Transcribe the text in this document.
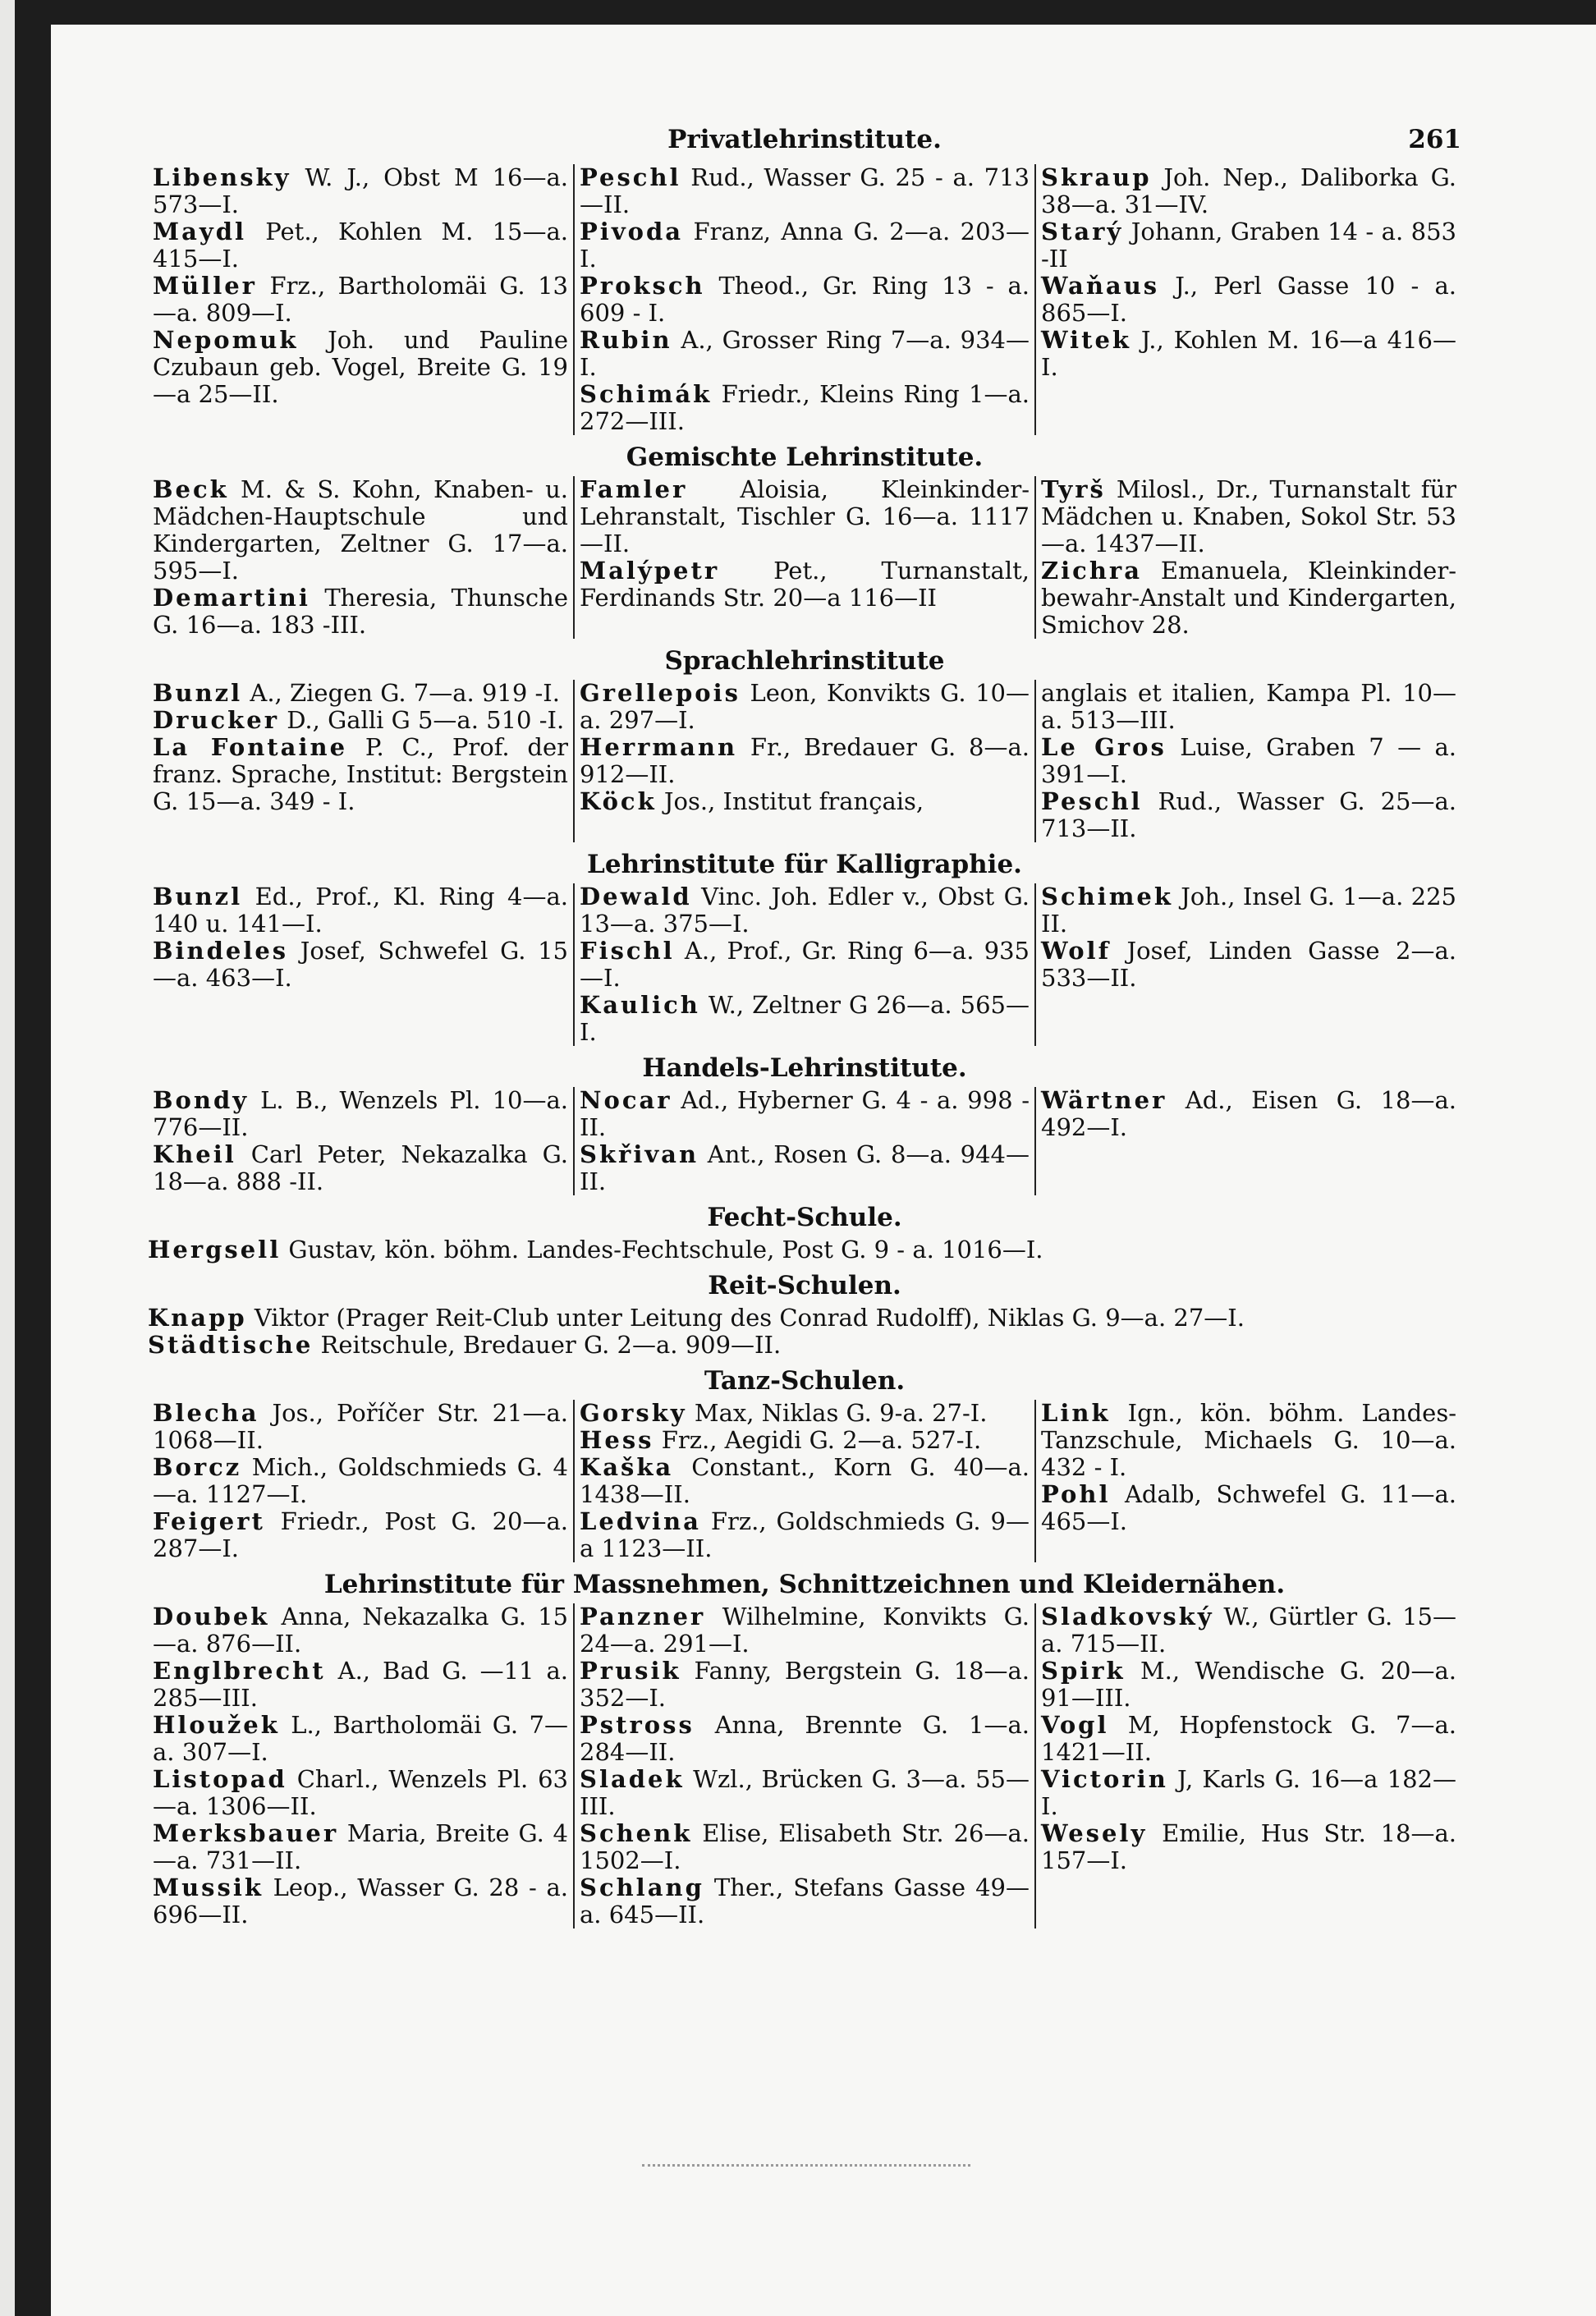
Privatlehrinstitute.	261
Libensky W. J., Obst M 16—a. 573—I.
Maydl Pet., Kohlen M. 15—a. 415—I.
Müller Frz., Bartholomäi G. 13—a. 809—I.
Nepomuk Joh. und Pauline Czubaun geb. Vogel, Breite G. 19—a 25—II.
Peschl Rud., Wasser G. 25 - a. 713—II.
Pivoda Franz, Anna G. 2—a. 203—I.
Proksch Theod., Gr. Ring 13 - a. 609 - I.
Rubin A., Grosser Ring 7—a. 934—I.
Schimák Friedr., Kleins Ring 1—a. 272—III.
Skraup Joh. Nep., Daliborka G. 38—a. 31—IV.
Starý Johann, Graben 14 - a. 853 -II
Waňaus J., Perl Gasse 10 - a. 865—I.
Witek J., Kohlen M. 16—a 416—I.
Gemischte Lehrinstitute.
Beck M. & S. Kohn, Knaben- u. Mädchen-Hauptschule und Kindergarten, Zeltner G. 17—a. 595—I.
Demartini Theresia, Thunsche G. 16—a. 183 -III.
Famler Aloisia, Kleinkinder-Lehranstalt, Tischler G. 16—a. 1117—II.
Malýpetr Pet., Turnanstalt, Ferdinands Str. 20—a 116—II
Tyrš Milosl., Dr., Turnanstalt für Mädchen u. Knaben, Sokol Str. 53—a. 1437—II.
Zichra Emanuela, Kleinkinder-bewahr-Anstalt und Kindergarten, Smichov 28.
Sprachlehrinstitute
Bunzl A., Ziegen G. 7—a. 919 -I.
Drucker D., Galli G 5—a. 510 -I.
La Fontaine P. C., Prof. der franz. Sprache, Institut: Bergstein G. 15—a. 349 - I.
Grellepois Leon, Konvikts G. 10—a. 297—I.
Herrmann Fr., Bredauer G. 8—a. 912—II.
Köck Jos., Institut français,
anglais et italien, Kampa Pl. 10—a. 513—III.
Le Gros Luise, Graben 7 — a. 391—I.
Peschl Rud., Wasser G. 25—a. 713—II.
Lehrinstitute für Kalligraphie.
Bunzl Ed., Prof., Kl. Ring 4—a. 140 u. 141—I.
Bindeles Josef, Schwefel G. 15—a. 463—I.
Dewald Vinc. Joh. Edler v., Obst G. 13—a. 375—I.
Fischl A., Prof., Gr. Ring 6—a. 935—I.
Kaulich W., Zeltner G 26—a. 565—I.
Schimek Joh., Insel G. 1—a. 225 II.
Wolf Josef, Linden Gasse 2—a. 533—II.
Handels-Lehrinstitute.
Bondy L. B., Wenzels Pl. 10—a. 776—II.
Kheil Carl Peter, Nekazalka G. 18—a. 888 -II.
Nocar Ad., Hyberner G. 4 - a. 998 -II.
Skřivan Ant., Rosen G. 8—a. 944—II.
Wärtner Ad., Eisen G. 18—a. 492—I.
Fecht-Schule.
Hergsell Gustav, kön. böhm. Landes-Fechtschule, Post G. 9 - a. 1016—I.
Reit-Schulen.
Knapp Viktor (Prager Reit-Club unter Leitung des Conrad Rudolff), Niklas G. 9—a. 27—I.
Städtische Reitschule, Bredauer G. 2—a. 909—II.
Tanz-Schulen.
Blecha Jos., Poříčer Str. 21—a. 1068—II.
Borcz Mich., Goldschmieds G. 4—a. 1127—I.
Feigert Friedr., Post G. 20—a. 287—I.
Gorsky Max, Niklas G. 9-a. 27-I.
Hess Frz., Aegidi G. 2—a. 527-I.
Kaška Constant., Korn G. 40—a. 1438—II.
Ledvina Frz., Goldschmieds G. 9—a 1123—II.
Link Ign., kön. böhm. Landes-Tanzschule, Michaels G. 10—a. 432 - I.
Pohl Adalb, Schwefel G. 11—a. 465—I.
Lehrinstitute für Massnehmen, Schnittzeichnen und Kleidernähen.
Doubek Anna, Nekazalka G. 15—a. 876—II.
Englbrecht A., Bad G. —11 a. 285—III.
Hloužek L., Bartholomäi G. 7—a. 307—I.
Listopad Charl., Wenzels Pl. 63—a. 1306—II.
Merksbauer Maria, Breite G. 4—a. 731—II.
Mussik Leop., Wasser G. 28 - a. 696—II.
Panzner Wilhelmine, Konvikts G. 24—a. 291—I.
Prusik Fanny, Bergstein G. 18—a. 352—I.
Pstross Anna, Brennte G. 1—a. 284—II.
Sladek Wzl., Brücken G. 3—a. 55—III.
Schenk Elise, Elisabeth Str. 26—a. 1502—I.
Schlang Ther., Stefans Gasse 49—a. 645—II.
Sladkovský W., Gürtler G. 15—a. 715—II.
Spirk M., Wendische G. 20—a. 91—III.
Vogl M, Hopfenstock G. 7—a. 1421—II.
Victorin J, Karls G. 16—a 182—I.
Wesely Emilie, Hus Str. 18—a. 157—I.
